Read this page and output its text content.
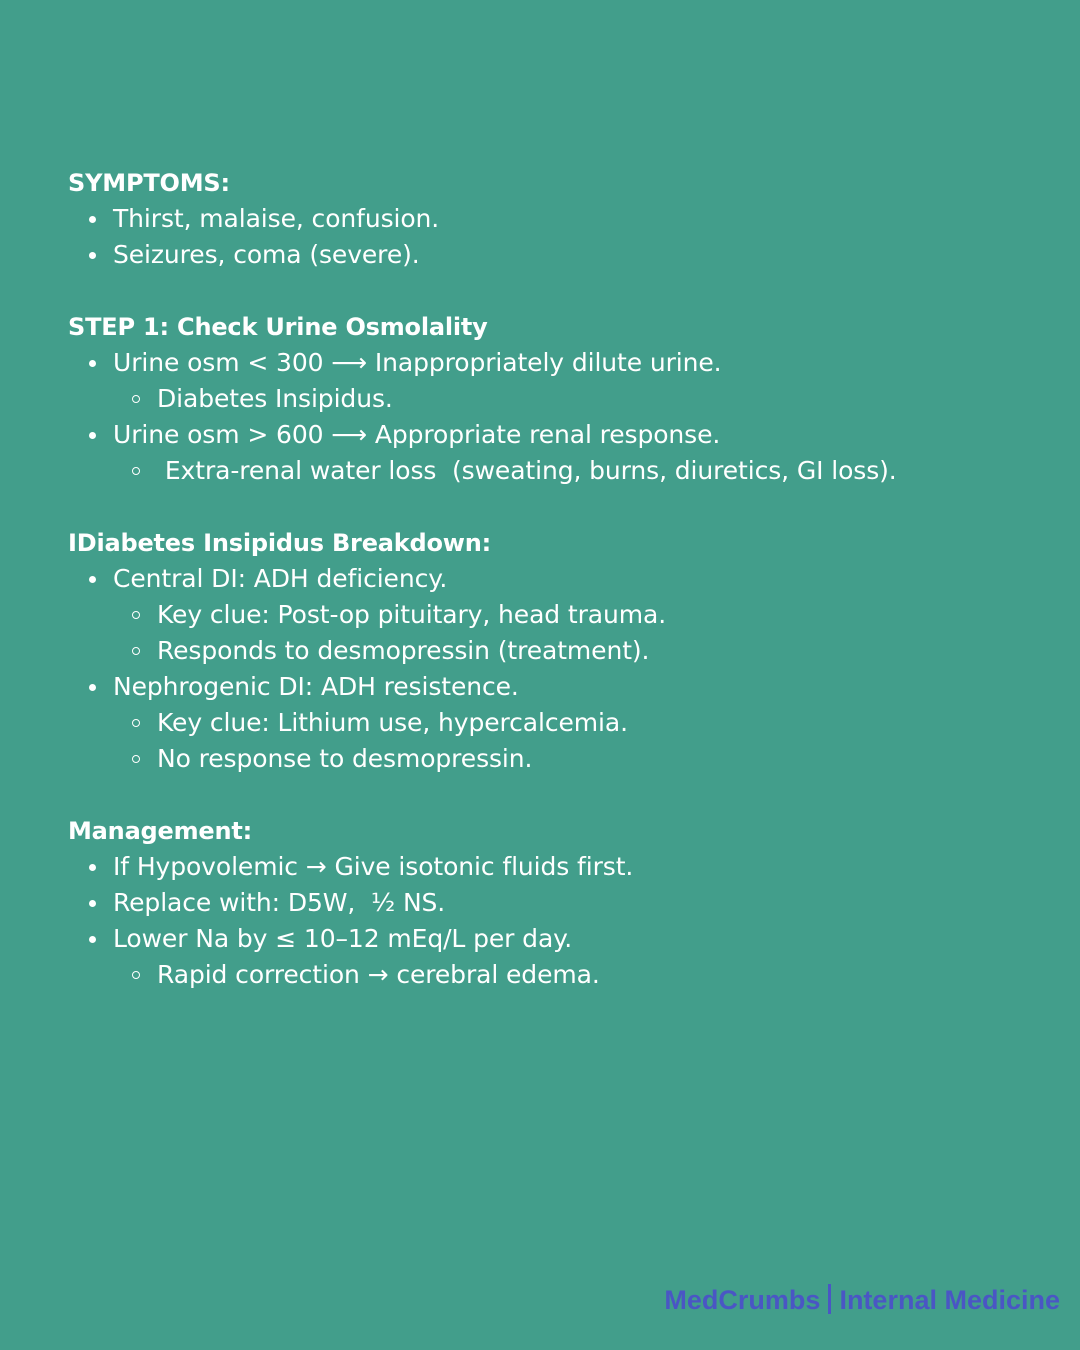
SYMPTOMS:

Thirst, malaise, confusion.
Seizures, coma (severe).

STEP 1: Check Urine Osmolality

Urine osm < 300 ⟶ Inappropriately dilute urine.
Diabetes Insipidus.
Urine osm > 600 ⟶ Appropriate renal response.
Extra-renal water loss  (sweating, burns, diuretics, GI loss).

IDiabetes Insipidus Breakdown:

Central DI: ADH deficiency.
Key clue: Post-op pituitary, head trauma.
Responds to desmopressin (treatment).
Nephrogenic DI: ADH resistence.
Key clue: Lithium use, hypercalcemia.
No response to desmopressin.

Management:

If Hypovolemic → Give isotonic fluids first.
Replace with: D5W,  ½ NS.
Lower Na by ≤ 10–12 mEq/L per day.
Rapid correction → cerebral edema.
MedCrumbs Internal Medicine
